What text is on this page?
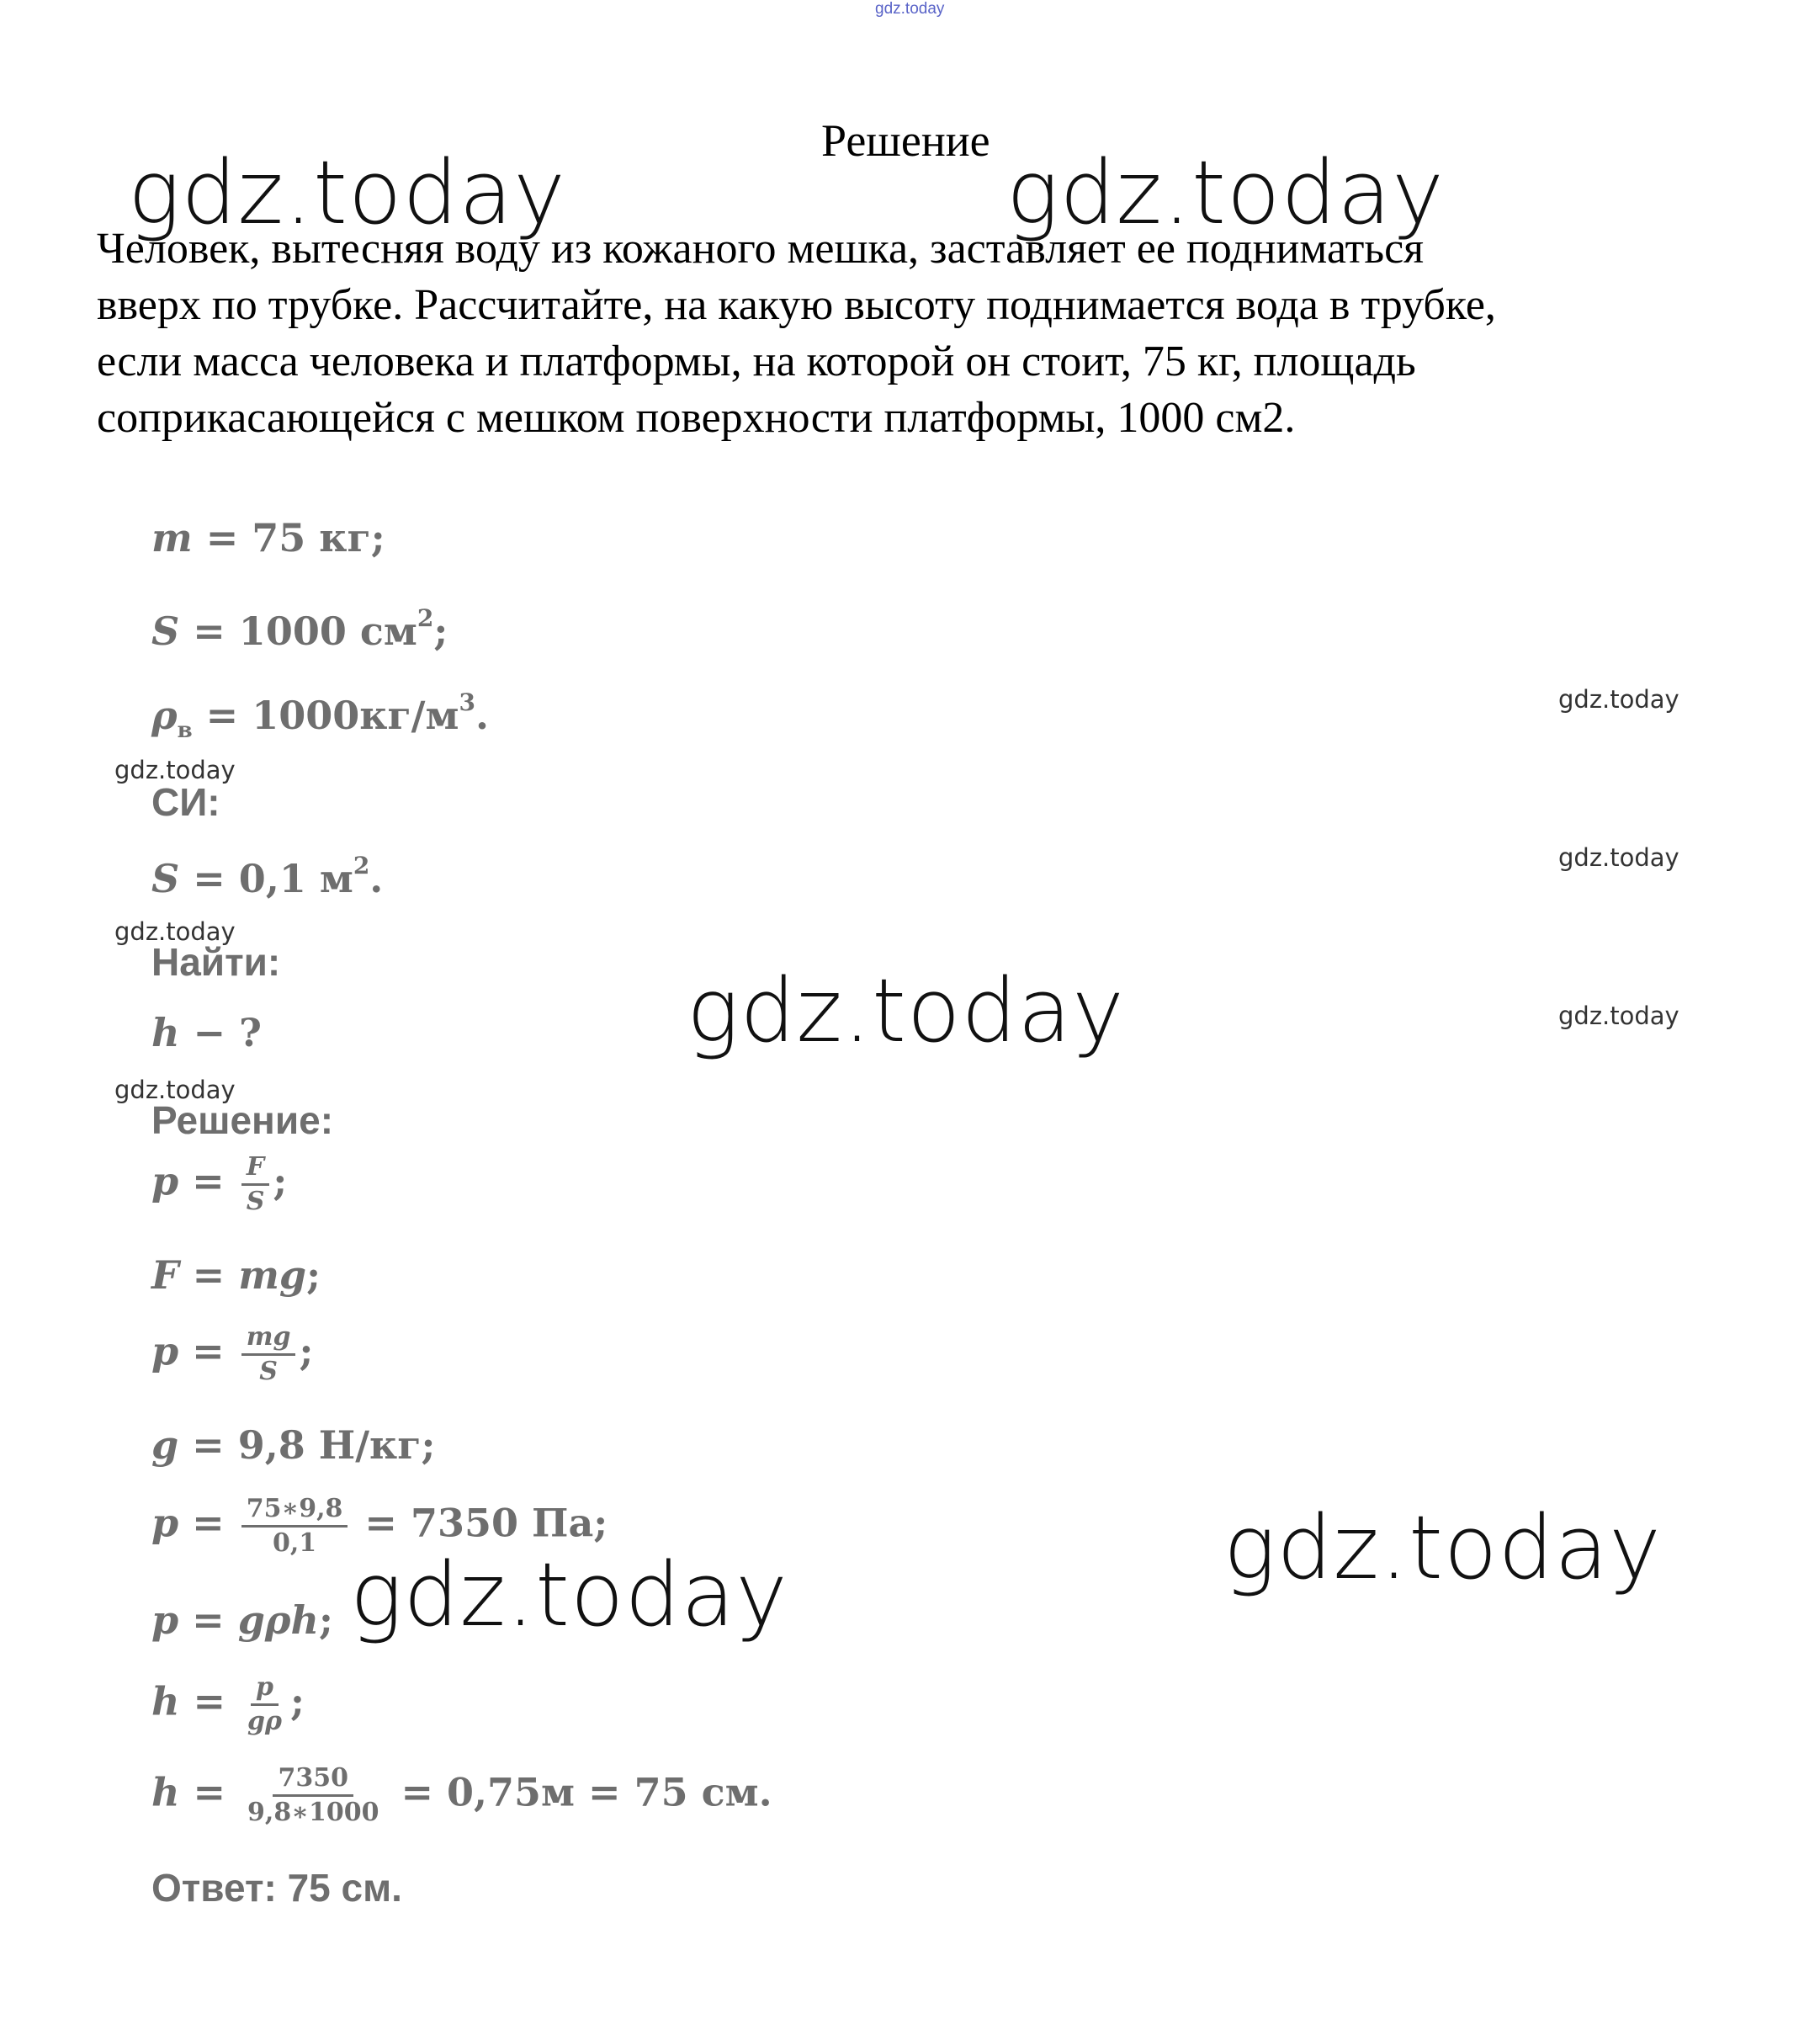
gdz.today
Решение
Человек, вытесняя воду из кожаного мешка, заставляет ее подниматься
вверх по трубке. Рассчитайте, на какую высоту поднимается вода в трубке,
если масса человека и платформы, на которой он стоит, 75 кг, площадь
соприкасающейся с мешком поверхности платформы, 1000 см2.
m = 75 кг;
S = 1000 $см^2$;
$\rho_в = 1000кг/м^3$.
СИ:
S = 0,1 $м^2$.
Найти:
h − ?
Решение:
$p = \frac{F}{S}$ ;
F = mg;
$p = \frac{mg}{S}$ ;
g = 9,8 Н/кг;
$p = \frac{75∗9,8}{0,1} = 7350$ Па;
p = gρh;
$h = \frac{p}{g\rho}$ ;
$h = \frac{7350}{9,8∗1000} = 0,75м = 75$ см.
Ответ: 75 см.
gdz.today	gdz.today
gdz.today
gdz.today	gdz.today
gdz.today
gdz.today
gdz.today
gdz.today
gdz.today
gdz.today
